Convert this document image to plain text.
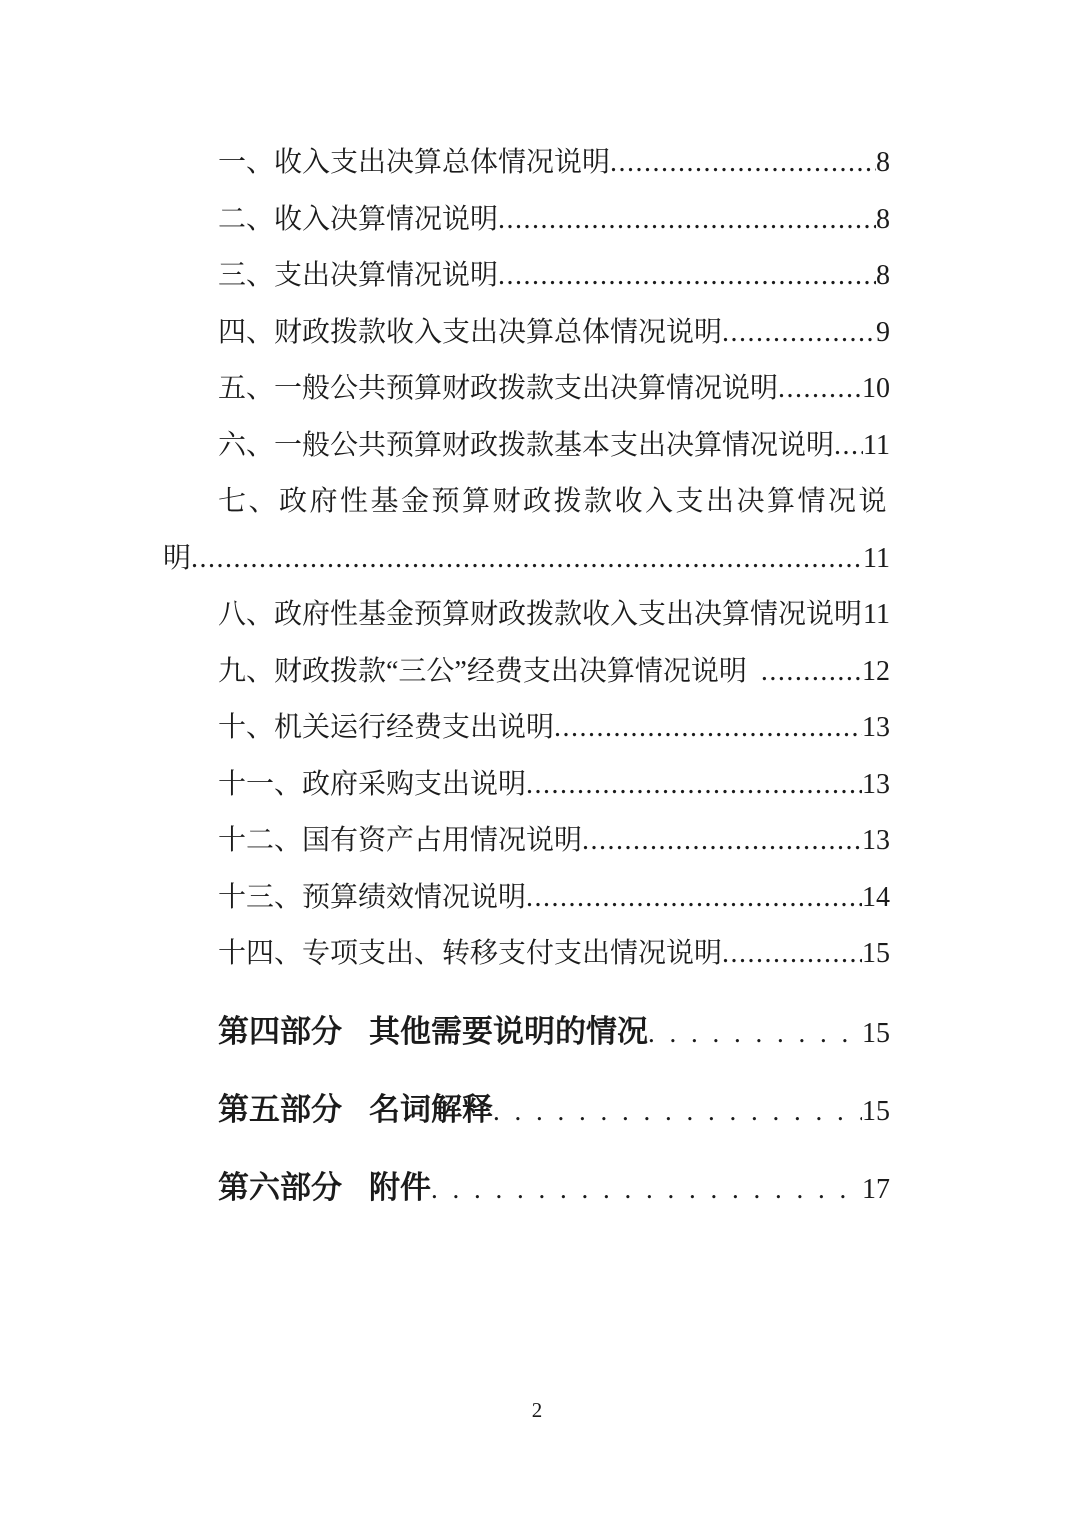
一、收入支出决算总体情况说明 .....	8
二、收入决算情况说明 .....	8
三、支出决算情况说明 .....	8
四、财政拨款收入支出决算总体情况说明 .....	9
五、一般公共预算财政拨款支出决算情况说明 .....	10
六、一般公共预算财政拨款基本支出决算情况说明 ..... 11
七、政府性基金预算财政拨款收入支出决算情况说
明 .....	11
八、政府性基金预算财政拨款收入支出决算情况说明 ..... 11
九、财政拨款“三公”经费支出决算情况说明 .....	12
十、机关运行经费支出说明 .....	13
十一、政府采购支出说明 .....	13
十二、国有资产占用情况说明 .....	13
十三、预算绩效情况说明 .....	14
十四、专项支出、转移支付支出情况说明 .....	15
第四部分 其他需要说明的情况 . . .	15
第五部分 名词解释 . . .	15
第六部分 附件 . . .	17
2
